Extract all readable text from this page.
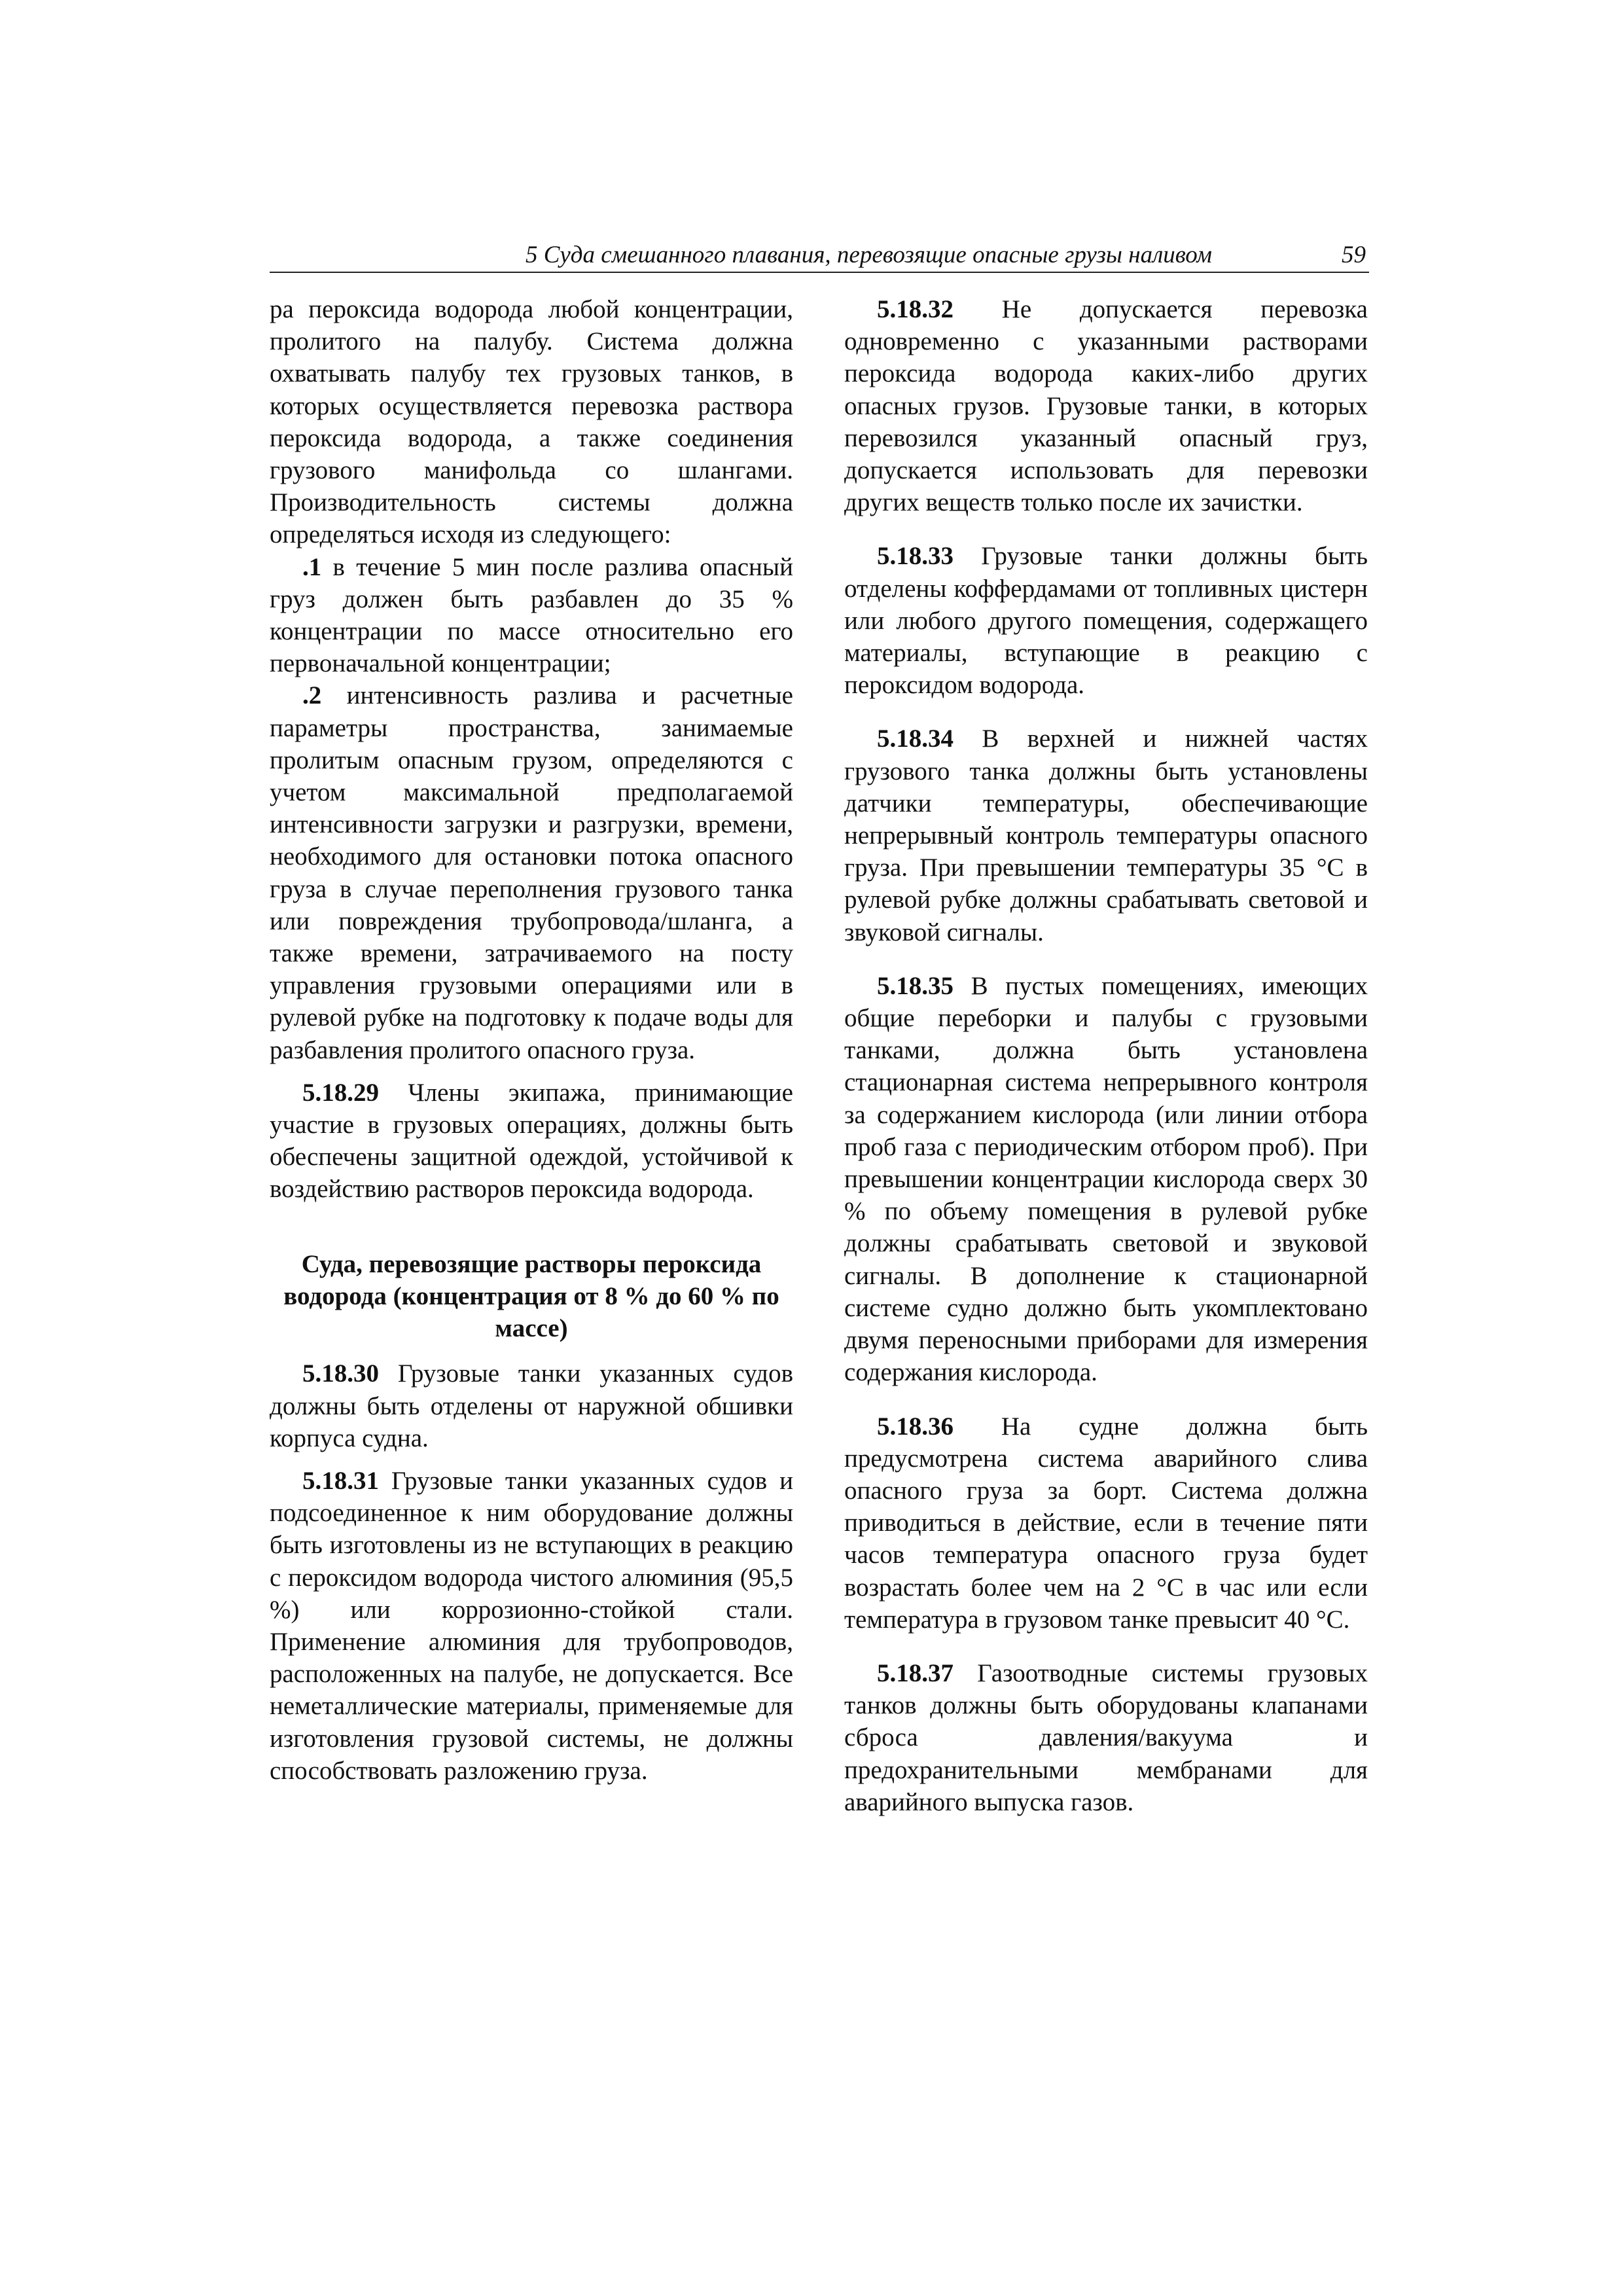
5 Суда смешанного плавания, перевозящие опасные грузы наливом	59

ра пероксида водорода любой концентрации, пролитого на палубу. Система должна охватывать палубу тех грузовых танков, в которых осуществляется перевозка раствора пероксида водорода, а также соединения грузового манифольда со шлангами. Производительность системы должна определяться исходя из следующего:

.1 в течение 5 мин после разлива опасный груз должен быть разбавлен до 35 % концентрации по массе относительно его первоначальной концентрации;

.2 интенсивность разлива и расчетные параметры пространства, занимаемые пролитым опасным грузом, определяются с учетом максимальной предполагаемой интенсивности загрузки и разгрузки, времени, необходимого для остановки потока опасного груза в случае переполнения грузового танка или повреждения трубопровода/шланга, а также времени, затрачиваемого на посту управления грузовыми операциями или в рулевой рубке на подготовку к подаче воды для разбавления пролитого опасного груза.

5.18.29 Члены экипажа, принимающие участие в грузовых операциях, должны быть обеспечены защитной одеждой, устойчивой к воздействию растворов пероксида водорода.

Суда, перевозящие растворы пероксида водорода (концентрация от 8 % до 60 % по массе)

5.18.30 Грузовые танки указанных судов должны быть отделены от наружной обшивки корпуса судна.

5.18.31 Грузовые танки указанных судов и подсоединенное к ним оборудование должны быть изготовлены из не вступающих в реакцию с пероксидом водорода чистого алюминия (95,5 %) или коррозионно-стойкой стали. Применение алюминия для трубопроводов, расположенных на палубе, не допускается. Все неметаллические материалы, применяемые для изготовления грузовой системы, не должны способствовать разложению груза.

5.18.32 Не допускается перевозка одновременно с указанными растворами пероксида водорода каких-либо других опасных грузов. Грузовые танки, в которых перевозился указанный опасный груз, допускается использовать для перевозки других веществ только после их зачистки.

5.18.33 Грузовые танки должны быть отделены коффердамами от топливных цистерн или любого другого помещения, содержащего материалы, вступающие в реакцию с пероксидом водорода.

5.18.34 В верхней и нижней частях грузового танка должны быть установлены датчики температуры, обеспечивающие непрерывный контроль температуры опасного груза. При превышении температуры 35 °С в рулевой рубке должны срабатывать световой и звуковой сигналы.

5.18.35 В пустых помещениях, имеющих общие переборки и палубы с грузовыми танками, должна быть установлена стационарная система непрерывного контроля за содержанием кислорода (или линии отбора проб газа с периодическим отбором проб). При превышении концентрации кислорода сверх 30 % по объему помещения в рулевой рубке должны срабатывать световой и звуковой сигналы. В дополнение к стационарной системе судно должно быть укомплектовано двумя переносными приборами для измерения содержания кислорода.

5.18.36 На судне должна быть предусмотрена система аварийного слива опасного груза за борт. Система должна приводиться в действие, если в течение пяти часов температура опасного груза будет возрастать более чем на 2 °С в час или если температура в грузовом танке превысит 40 °С.

5.18.37 Газоотводные системы грузовых танков должны быть оборудованы клапанами сброса давления/вакуума и предохранительными мембранами для аварийного выпуска газов.
